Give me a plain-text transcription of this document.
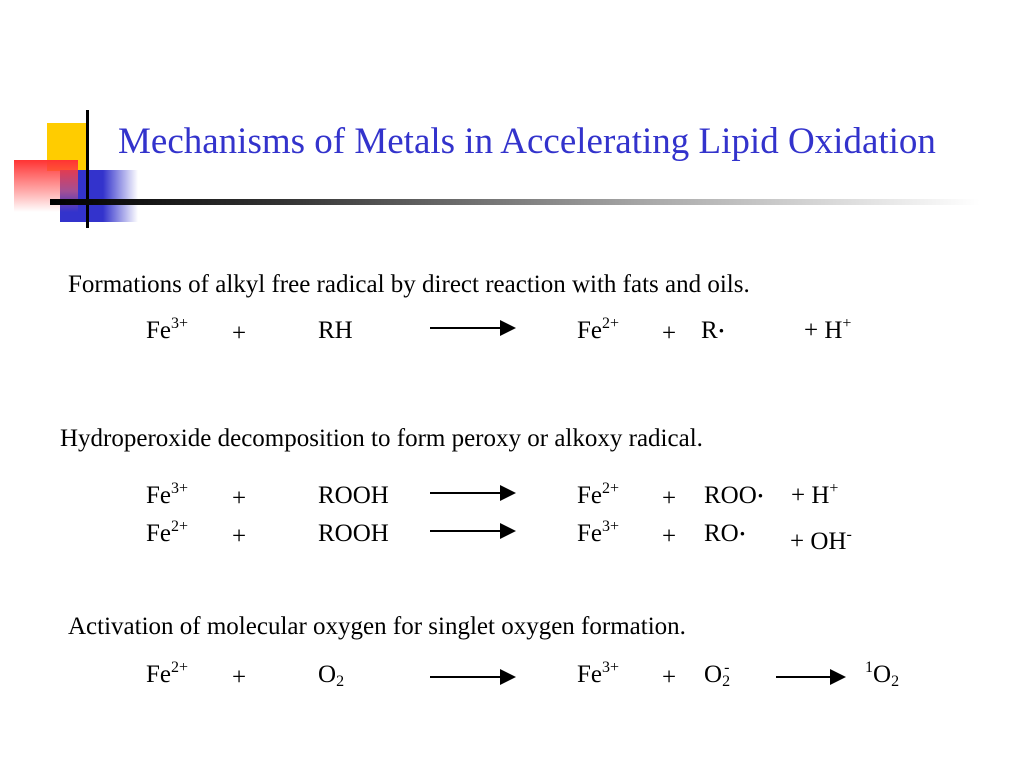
Mechanisms of Metals in Accelerating Lipid Oxidation
Formations of alkyl free radical by direct reaction with fats and oils.
$Fe^{3+}$ +	RH	$Fe^{2+} + R\cdot$	+ H+
Hydroperoxide decomposition to form peroxy or alkoxy radical.
$Fe^{3+}$ +	ROOH	$Fe^{2+} + ROO\cdot + H^+$
$Fe^{2+}$ +	ROOH	$Fe^{3+} + RO\cdot + OH^-$
Activation of molecular oxygen for singlet oxygen formation.
$Fe^{2+}$ +	O2	$Fe^{3+} + O2^-$	$^1$O2
